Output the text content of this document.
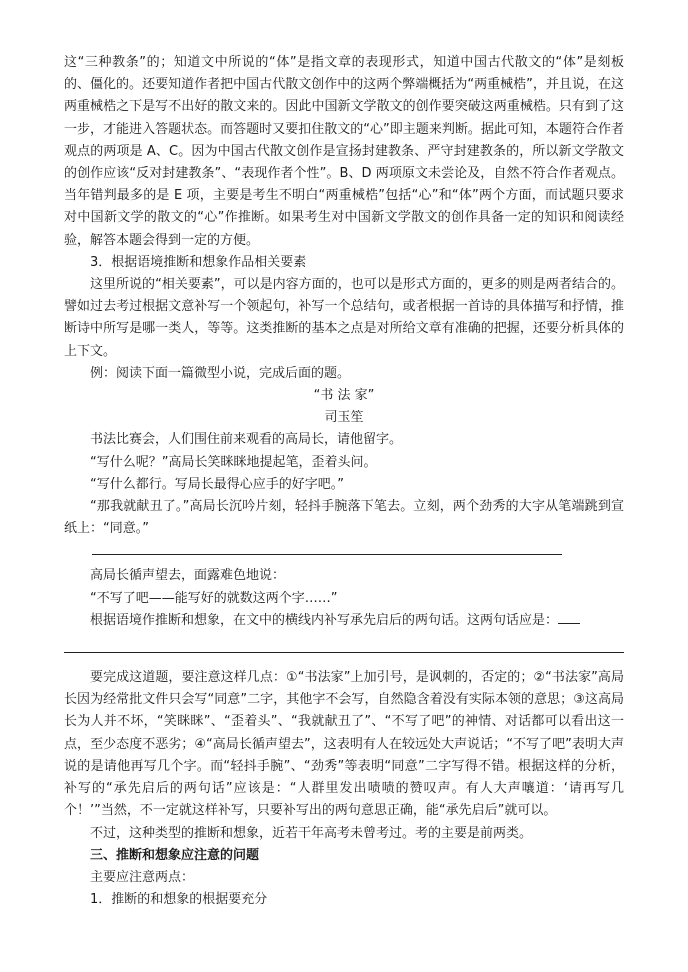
这“三种教条”的；知道文中所说的“体”是指文章的表现形式，知道中国古代散文的“体”是刻板的、僵化的。还要知道作者把中国古代散文创作中的这两个弊端概括为“两重械梏”，并且说，在这两重械梏之下是写不出好的散文来的。因此中国新文学散文的创作要突破这两重械梏。只有到了这一步，才能进入答题状态。而答题时又要扣住散文的“心”即主题来判断。据此可知，本题符合作者观点的两项是 A、C。因为中国古代散文创作是宣扬封建教条、严守封建教条的，所以新文学散文的创作应该“反对封建教条”、“表现作者个性”。B、D 两项原文未尝论及，自然不符合作者观点。当年错判最多的是 E 项，主要是考生不明白“两重械梏”包括“心”和“体”两个方面，而试题只要求对中国新文学的散文的“心”作推断。如果考生对中国新文学散文的创作具备一定的知识和阅读经验，解答本题会得到一定的方便。

3．根据语境推断和想象作品相关要素

这里所说的“相关要素”，可以是内容方面的，也可以是形式方面的，更多的则是两者结合的。譬如过去考过根据文意补写一个领起句，补写一个总结句，或者根据一首诗的具体描写和抒情，推断诗中所写是哪一类人，等等。这类推断的基本之点是对所给文章有准确的把握，还要分析具体的上下文。

例：阅读下面一篇微型小说，完成后面的题。

“书 法 家”

司玉笙

书法比赛会，人们围住前来观看的高局长，请他留字。

“写什么呢？”高局长笑眯眯地提起笔，歪着头问。

“写什么都行。写局长最得心应手的好字吧。”

“那我就献丑了。”高局长沉吟片刻，轻抖手腕落下笔去。立刻，两个劲秀的大字从笔端跳到宣纸上：“同意。”

高局长循声望去，面露难色地说：

“不写了吧——能写好的就数这两个字……”

根据语境作推断和想象，在文中的横线内补写承先启后的两句话。这两句话应是：

要完成这道题，要注意这样几点：①“书法家”上加引号，是讽刺的，否定的；②“书法家”高局长因为经常批文件只会写“同意”二字，其他字不会写，自然隐含着没有实际本领的意思；③这高局长为人并不坏，“笑眯眯”、“歪着头”、“我就献丑了”、“不写了吧”的神情、对话都可以看出这一点，至少态度不恶劣；④“高局长循声望去”，这表明有人在较远处大声说话；“不写了吧”表明大声说的是请他再写几个字。而“轻抖手腕”、“劲秀”等表明“同意”二字写得不错。根据这样的分析，补写的“承先启后的两句话”应该是：“人群里发出啧啧的赞叹声。有人大声嚷道：‘请再写几个！’”当然，不一定就这样补写，只要补写出的两句意思正确，能“承先启后”就可以。

不过，这种类型的推断和想象，近若干年高考未曾考过。考的主要是前两类。

三、推断和想象应注意的问题

主要应注意两点：

1．推断的和想象的根据要充分
